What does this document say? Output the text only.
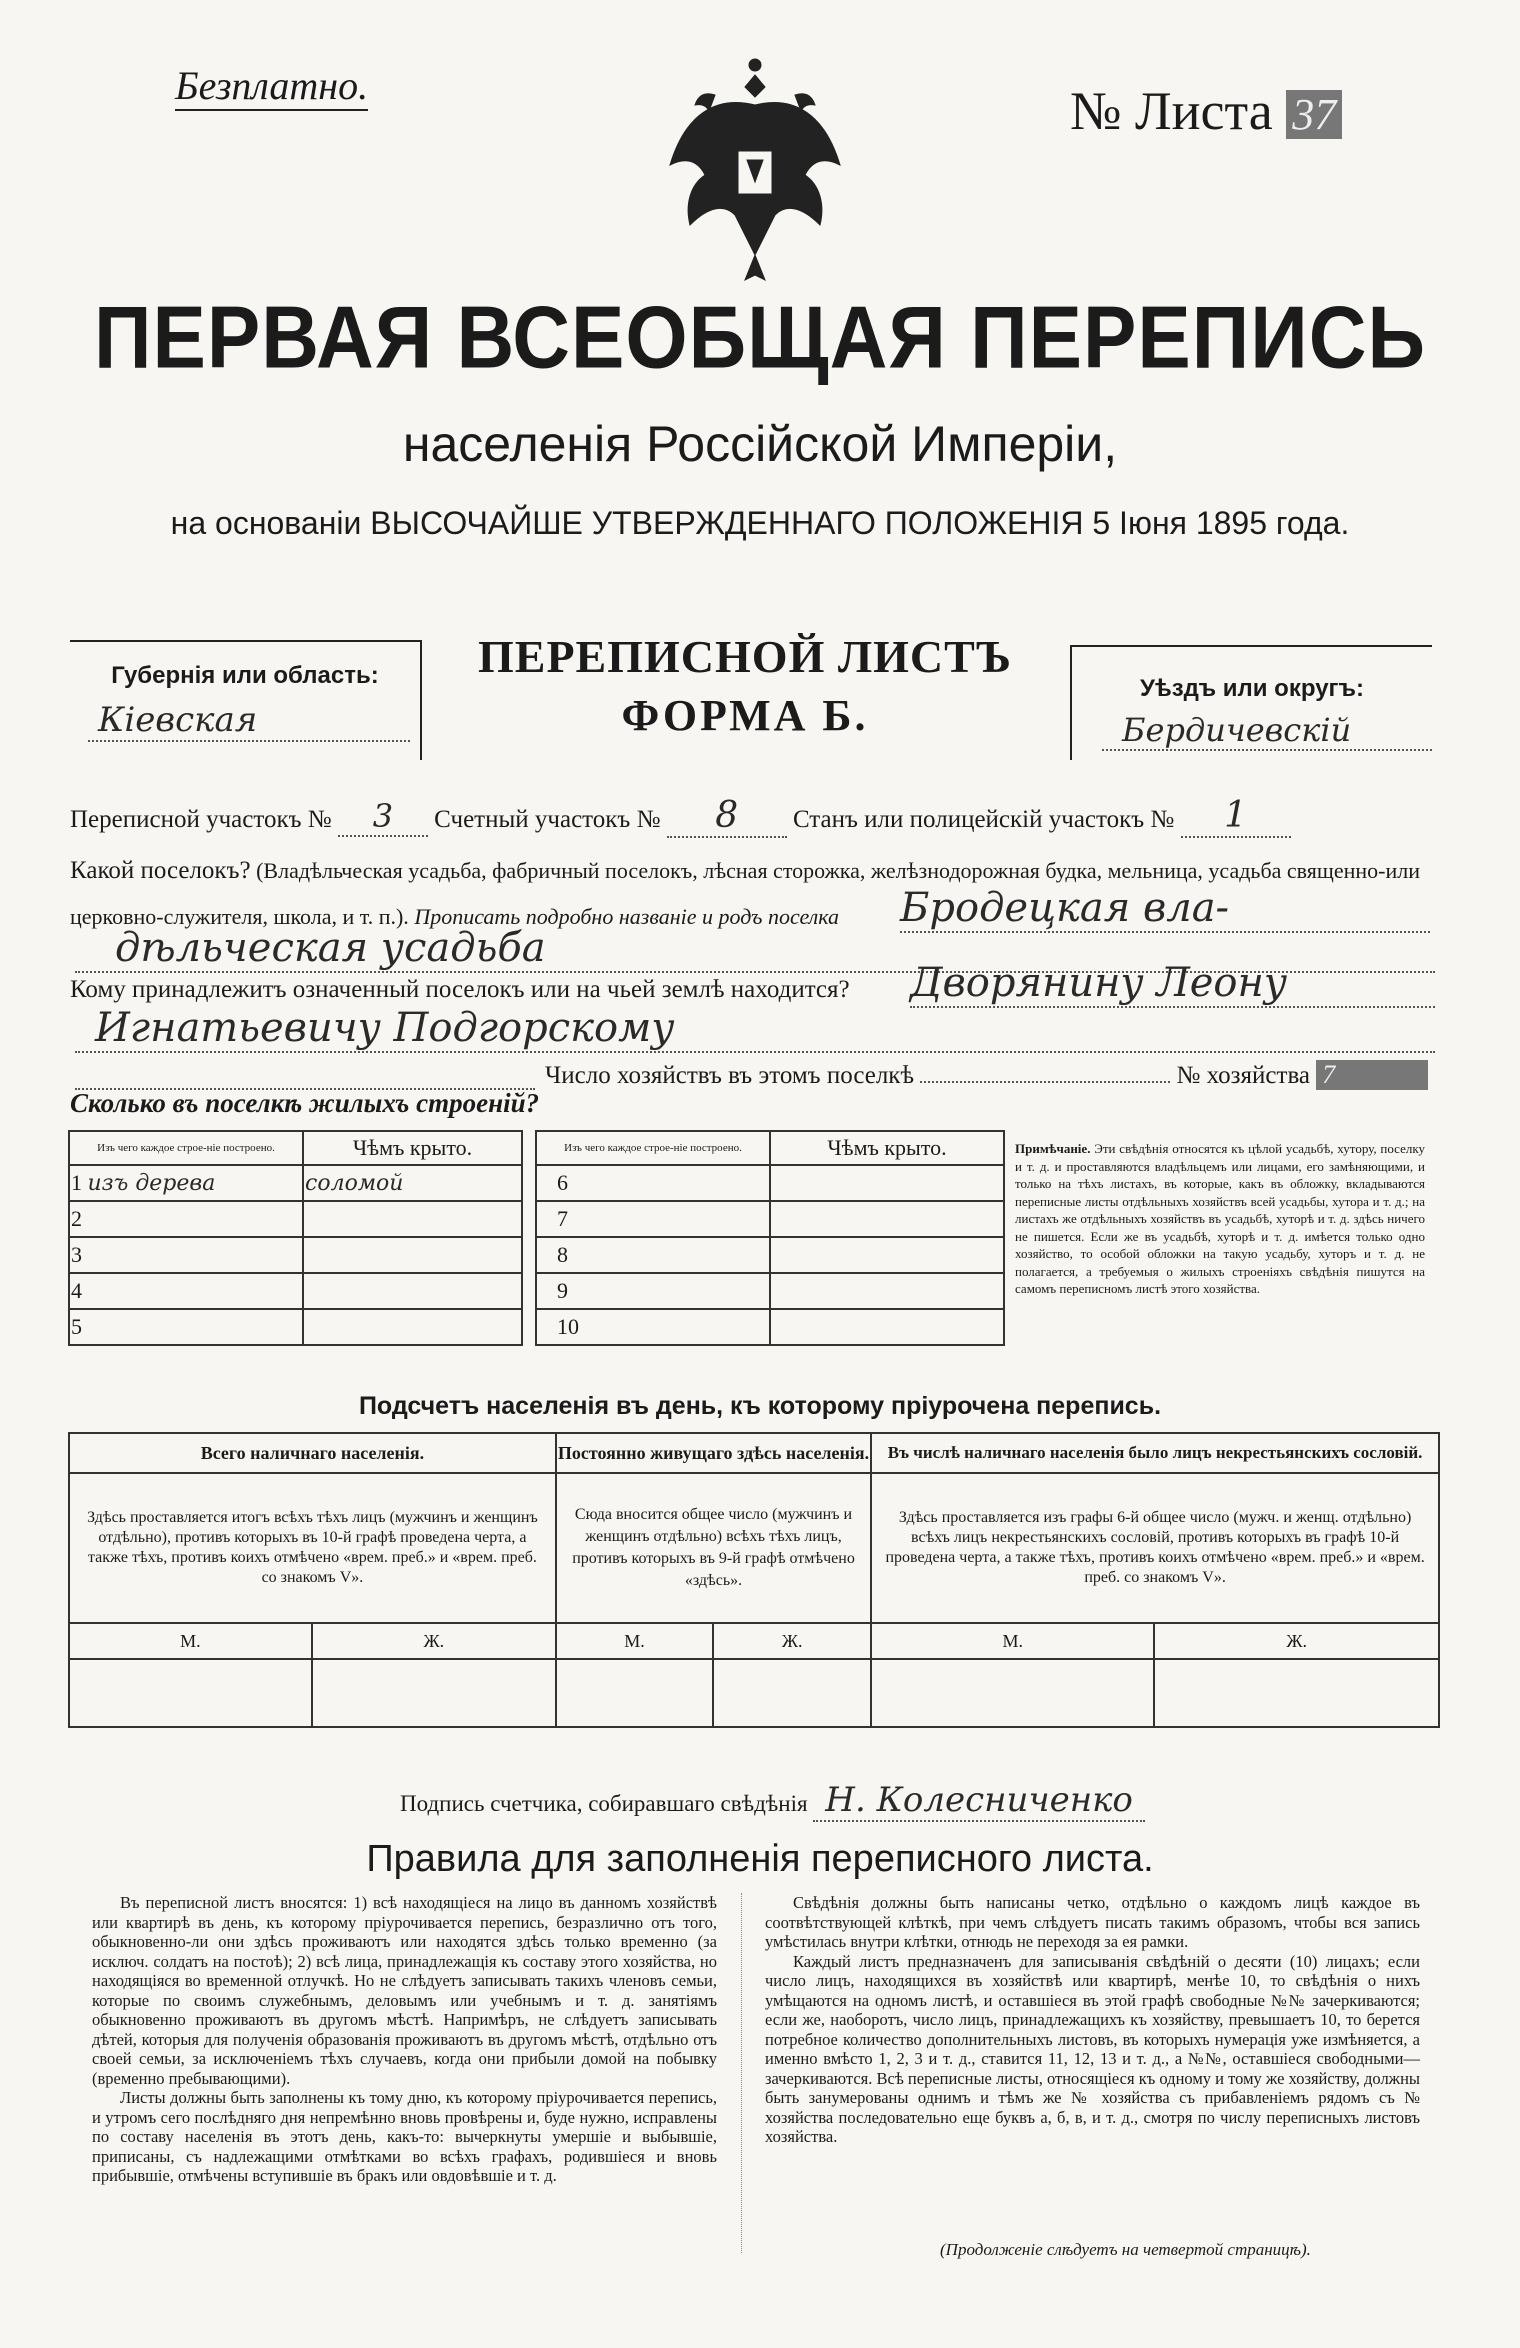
Безплатно.	№ Листа 37
ПЕРВАЯ ВСЕОБЩАЯ ПЕРЕПИСЬ
населенія Россійской Имперіи,
на основаніи ВЫСОЧАЙШЕ УТВЕРЖДЕННАГО ПОЛОЖЕНІЯ 5 Іюня 1895 года.
Губернія или область:
Кіевская
ПЕРЕПИСНОЙ ЛИСТЪ
ФОРМА Б.
Уѣздъ или округъ:
Бердичевскій
Переписной участокъ № 3 Счетный участокъ № 8 Станъ или полицейскій участокъ № 1
Какой поселокъ? (Владѣльческая усадьба, фабричный поселокъ, лѣсная сторожка, желѣзнодорожная будка, мельница, усадьба священно-или церковно-служителя, школа, и т. п.). Прописать подробно названіе и родъ поселка	Бродецкая вла-
дѣльческая усадьба
Кому принадлежитъ означенный поселокъ или на чьей землѣ находится? Дворянину Леону
Игнатьевичу Подгорскому
Число хозяйствъ въ этомъ поселкѣ	№ хозяйства 7
Сколько въ поселкѣ жилыхъ строеній?
Изъ чего каждое строе-ніе построено.	Чѣмъ крыто.
1 изъ дерева	соломой
2	
3	
4	
5	
Изъ чего каждое строе-ніе построено.	Чѣмъ крыто.
6	
7	
8	
9	
10	
Примѣчаніе. Эти свѣдѣнія относятся къ цѣлой усадьбѣ, хутору, поселку и т. д. и проставляются владѣльцемъ или лицами, его замѣняющими, и только на тѣхъ листахъ, въ которые, какъ въ обложку, вкладываются переписные листы отдѣльныхъ хозяйствъ всей усадьбы, хутора и т. д.; на листахъ же отдѣльныхъ хозяйствъ въ усадьбѣ, хуторѣ и т. д. здѣсь ничего не пишется. Если же въ усадьбѣ, хуторѣ и т. д. имѣется только одно хозяйство, то особой обложки на такую усадьбу, хуторъ и т. д. не полагается, а требуемыя о жилыхъ строеніяхъ свѣдѣнія пишутся на самомъ переписномъ листѣ этого хозяйства.
Подсчетъ населенія въ день, къ которому пріурочена перепись.
Всего наличнаго населенія.		Постоянно живущаго здѣсь населенія.		Въ числѣ наличнаго населенія было лицъ некрестьянскихъ сословій.	
Здѣсь проставляется итогъ всѣхъ тѣхъ лицъ (мужчинъ и женщинъ отдѣльно), противъ которыхъ въ 10-й графѣ проведена черта, а также тѣхъ, противъ коихъ отмѣчено «врем. преб.» и «врем. преб. со знакомъ V».		Сюда вносится общее число (мужчинъ и женщинъ отдѣльно) всѣхъ тѣхъ лицъ, противъ которыхъ въ 9-й графѣ отмѣчено «здѣсь».		Здѣсь проставляется изъ графы 6-й общее число (мужч. и женщ. отдѣльно) всѣхъ лицъ некрестьянскихъ сословій, противъ которыхъ въ графѣ 10-й проведена черта, а также тѣхъ, противъ коихъ отмѣчено «врем. преб.» и «врем. преб. со знакомъ V».	
М.	Ж.	М.	Ж.	М.	Ж.

Подпись счетчика, собиравшаго свѣдѣнія Н. Колесниченко
Правила для заполненія переписного листа.

Въ переписной листъ вносятся: 1) всѣ находящіеся на лицо въ данномъ хозяйствѣ или квартирѣ въ день, къ которому пріурочивается перепись, безразлично отъ того, обыкновенно-ли они здѣсь проживаютъ или находятся здѣсь только временно (за исключ. солдатъ на постоѣ); 2) всѣ лица, принадлежащія къ составу этого хозяйства, но находящіяся во временной отлучкѣ. Но не слѣдуетъ записывать такихъ членовъ семьи, которые по своимъ служебнымъ, деловымъ или учебнымъ и т. д. занятіямъ обыкновенно проживаютъ въ другомъ мѣстѣ. Напримѣръ, не слѣдуетъ записывать дѣтей, которыя для полученія образованія проживаютъ въ другомъ мѣстѣ, отдѣльно отъ своей семьи, за исключеніемъ тѣхъ случаевъ, когда они прибыли домой на побывку (временно пребывающими).

Листы должны быть заполнены къ тому дню, къ которому пріурочивается перепись, и утромъ сего послѣдняго дня непремѣнно вновь провѣрены и, буде нужно, исправлены по составу населенія въ этотъ день, какъ-то: вычеркнуты умершіе и выбывшіе, приписаны, съ надлежащими отмѣтками во всѣхъ графахъ, родившіеся и вновь прибывшіе, отмѣчены вступившіе въ бракъ или овдовѣвшіе и т. д.

Свѣдѣнія должны быть написаны четко, отдѣльно о каждомъ лицѣ каждое въ соотвѣтствующей клѣткѣ, при чемъ слѣдуетъ писать такимъ образомъ, чтобы вся запись умѣстилась внутри клѣтки, отнюдь не переходя за ея рамки.

Каждый листъ предназначенъ для записыванія свѣдѣній о десяти (10) лицахъ; если число лицъ, находящихся въ хозяйствѣ или квартирѣ, менѣе 10, то свѣдѣнія о нихъ умѣщаются на одномъ листѣ, и оставшіеся въ этой графѣ свободные №№ зачеркиваются; если же, наоборотъ, число лицъ, принадлежащихъ къ хозяйству, превышаетъ 10, то берется потребное количество дополнительныхъ листовъ, въ которыхъ нумерація уже измѣняется, а именно вмѣсто 1, 2, 3 и т. д., ставится 11, 12, 13 и т. д., а №№, оставшіеся свободными—зачеркиваются. Всѣ переписные листы, относящіеся къ одному и тому же хозяйству, должны быть занумерованы однимъ и тѣмъ же № хозяйства съ прибавленіемъ рядомъ съ № хозяйства последовательно еще буквъ а, б, в, и т. д., смотря по числу переписныхъ листовъ хозяйства.

(Продолженіе слѣдуетъ на четвертой страницѣ).
